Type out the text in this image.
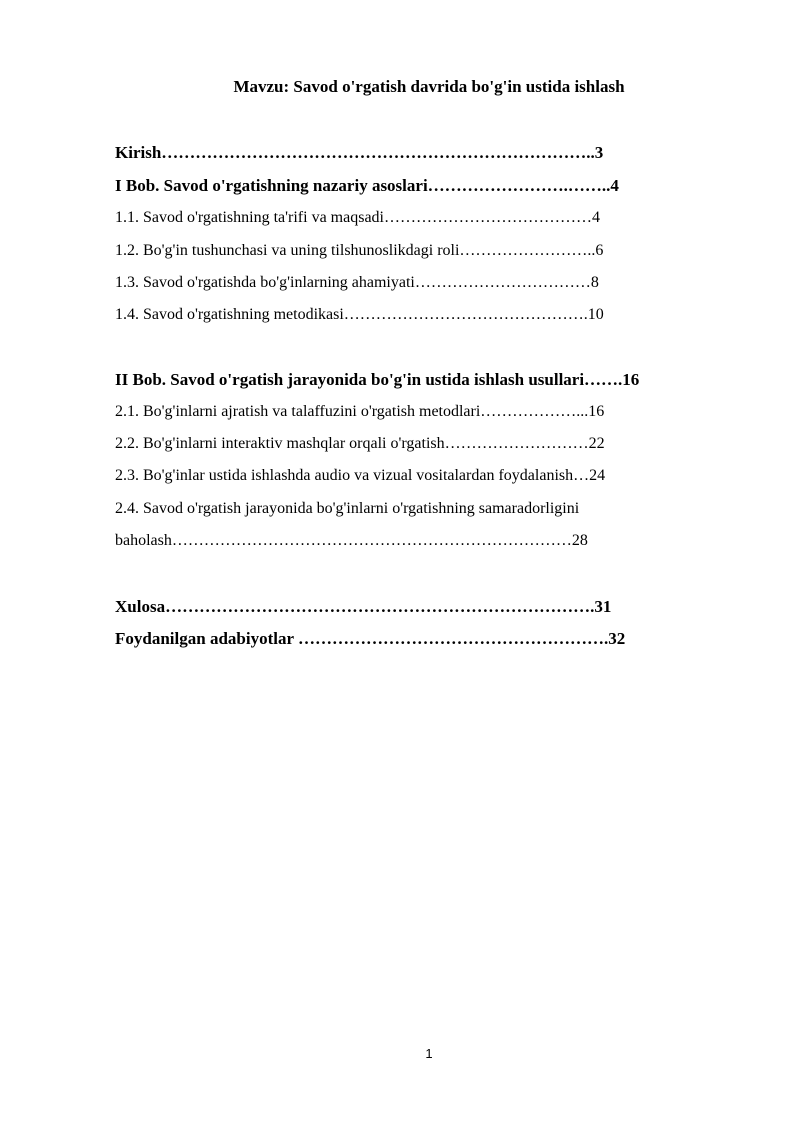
Mavzu: Savod o'rgatish davrida bo'g'in ustida ishlash
Kirish…………………………………………………………………..3
I Bob. Savod o'rgatishning nazariy asoslari…………………….……..4
1.1. Savod o'rgatishning ta'rifi va maqsadi…………………………………4
1.2. Bo'g'in tushunchasi va uning tilshunoslikdagi roli……………………..6
1.3. Savod o'rgatishda bo'g'inlarning ahamiyati……………………………8
1.4. Savod o'rgatishning metodikasi……………………………………….10
II Bob. Savod o'rgatish jarayonida bo'g'in ustida ishlash usullari…….16
2.1. Bo'g'inlarni ajratish va talaffuzini o'rgatish metodlari………………...16
2.2. Bo'g'inlarni interaktiv mashqlar orqali o'rgatish………………………22
2.3. Bo'g'inlar ustida ishlashda audio va vizual vositalardan foydalanish…24
2.4. Savod o'rgatish jarayonida bo'g'inlarni o'rgatishning samaradorligini
baholash…………………………………………………………………28
Xulosa………………………………………………………………….31
Foydanilgan adabiyotlar ……………………………………………….32
1
